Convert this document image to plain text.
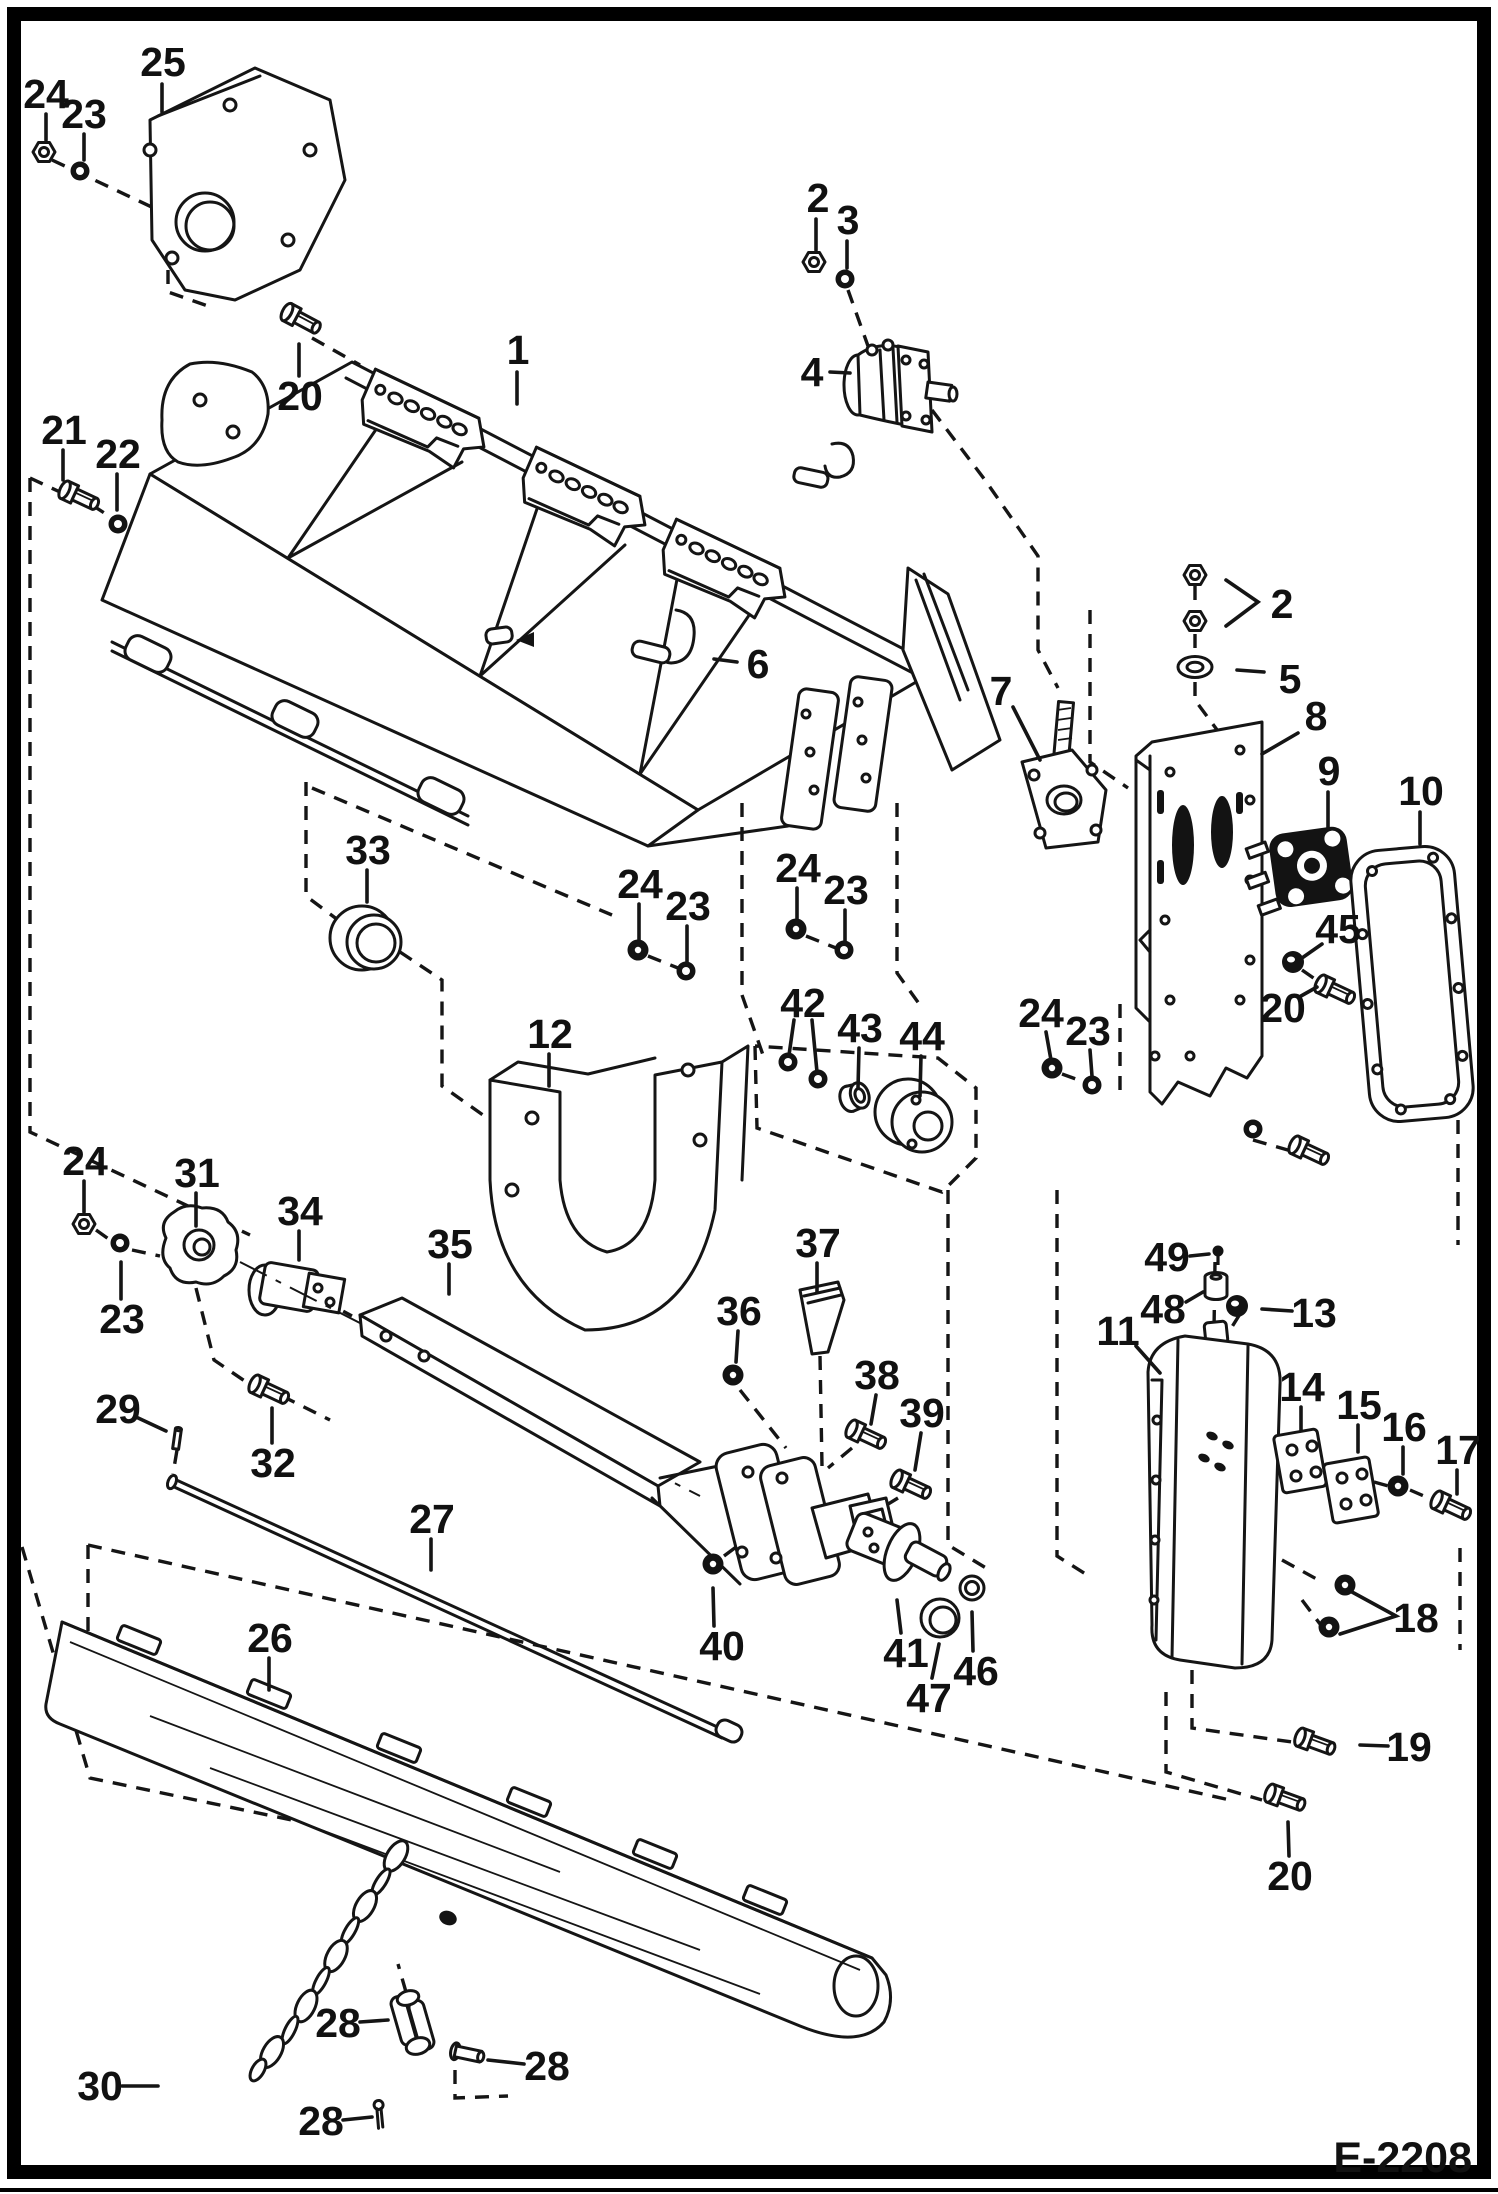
25
24
23
20
1
21
22
2 3
4
6
7
2
5
8
9 10
45
20
33
24 23
24 23
24 23
42
43 44
12
31
34
35
24
23
29
32
27
26
36
37
38
39
40	41 46
47
49
48	13
11
14 15 16 17
18
19
20
30
28
28
28
E-2208
